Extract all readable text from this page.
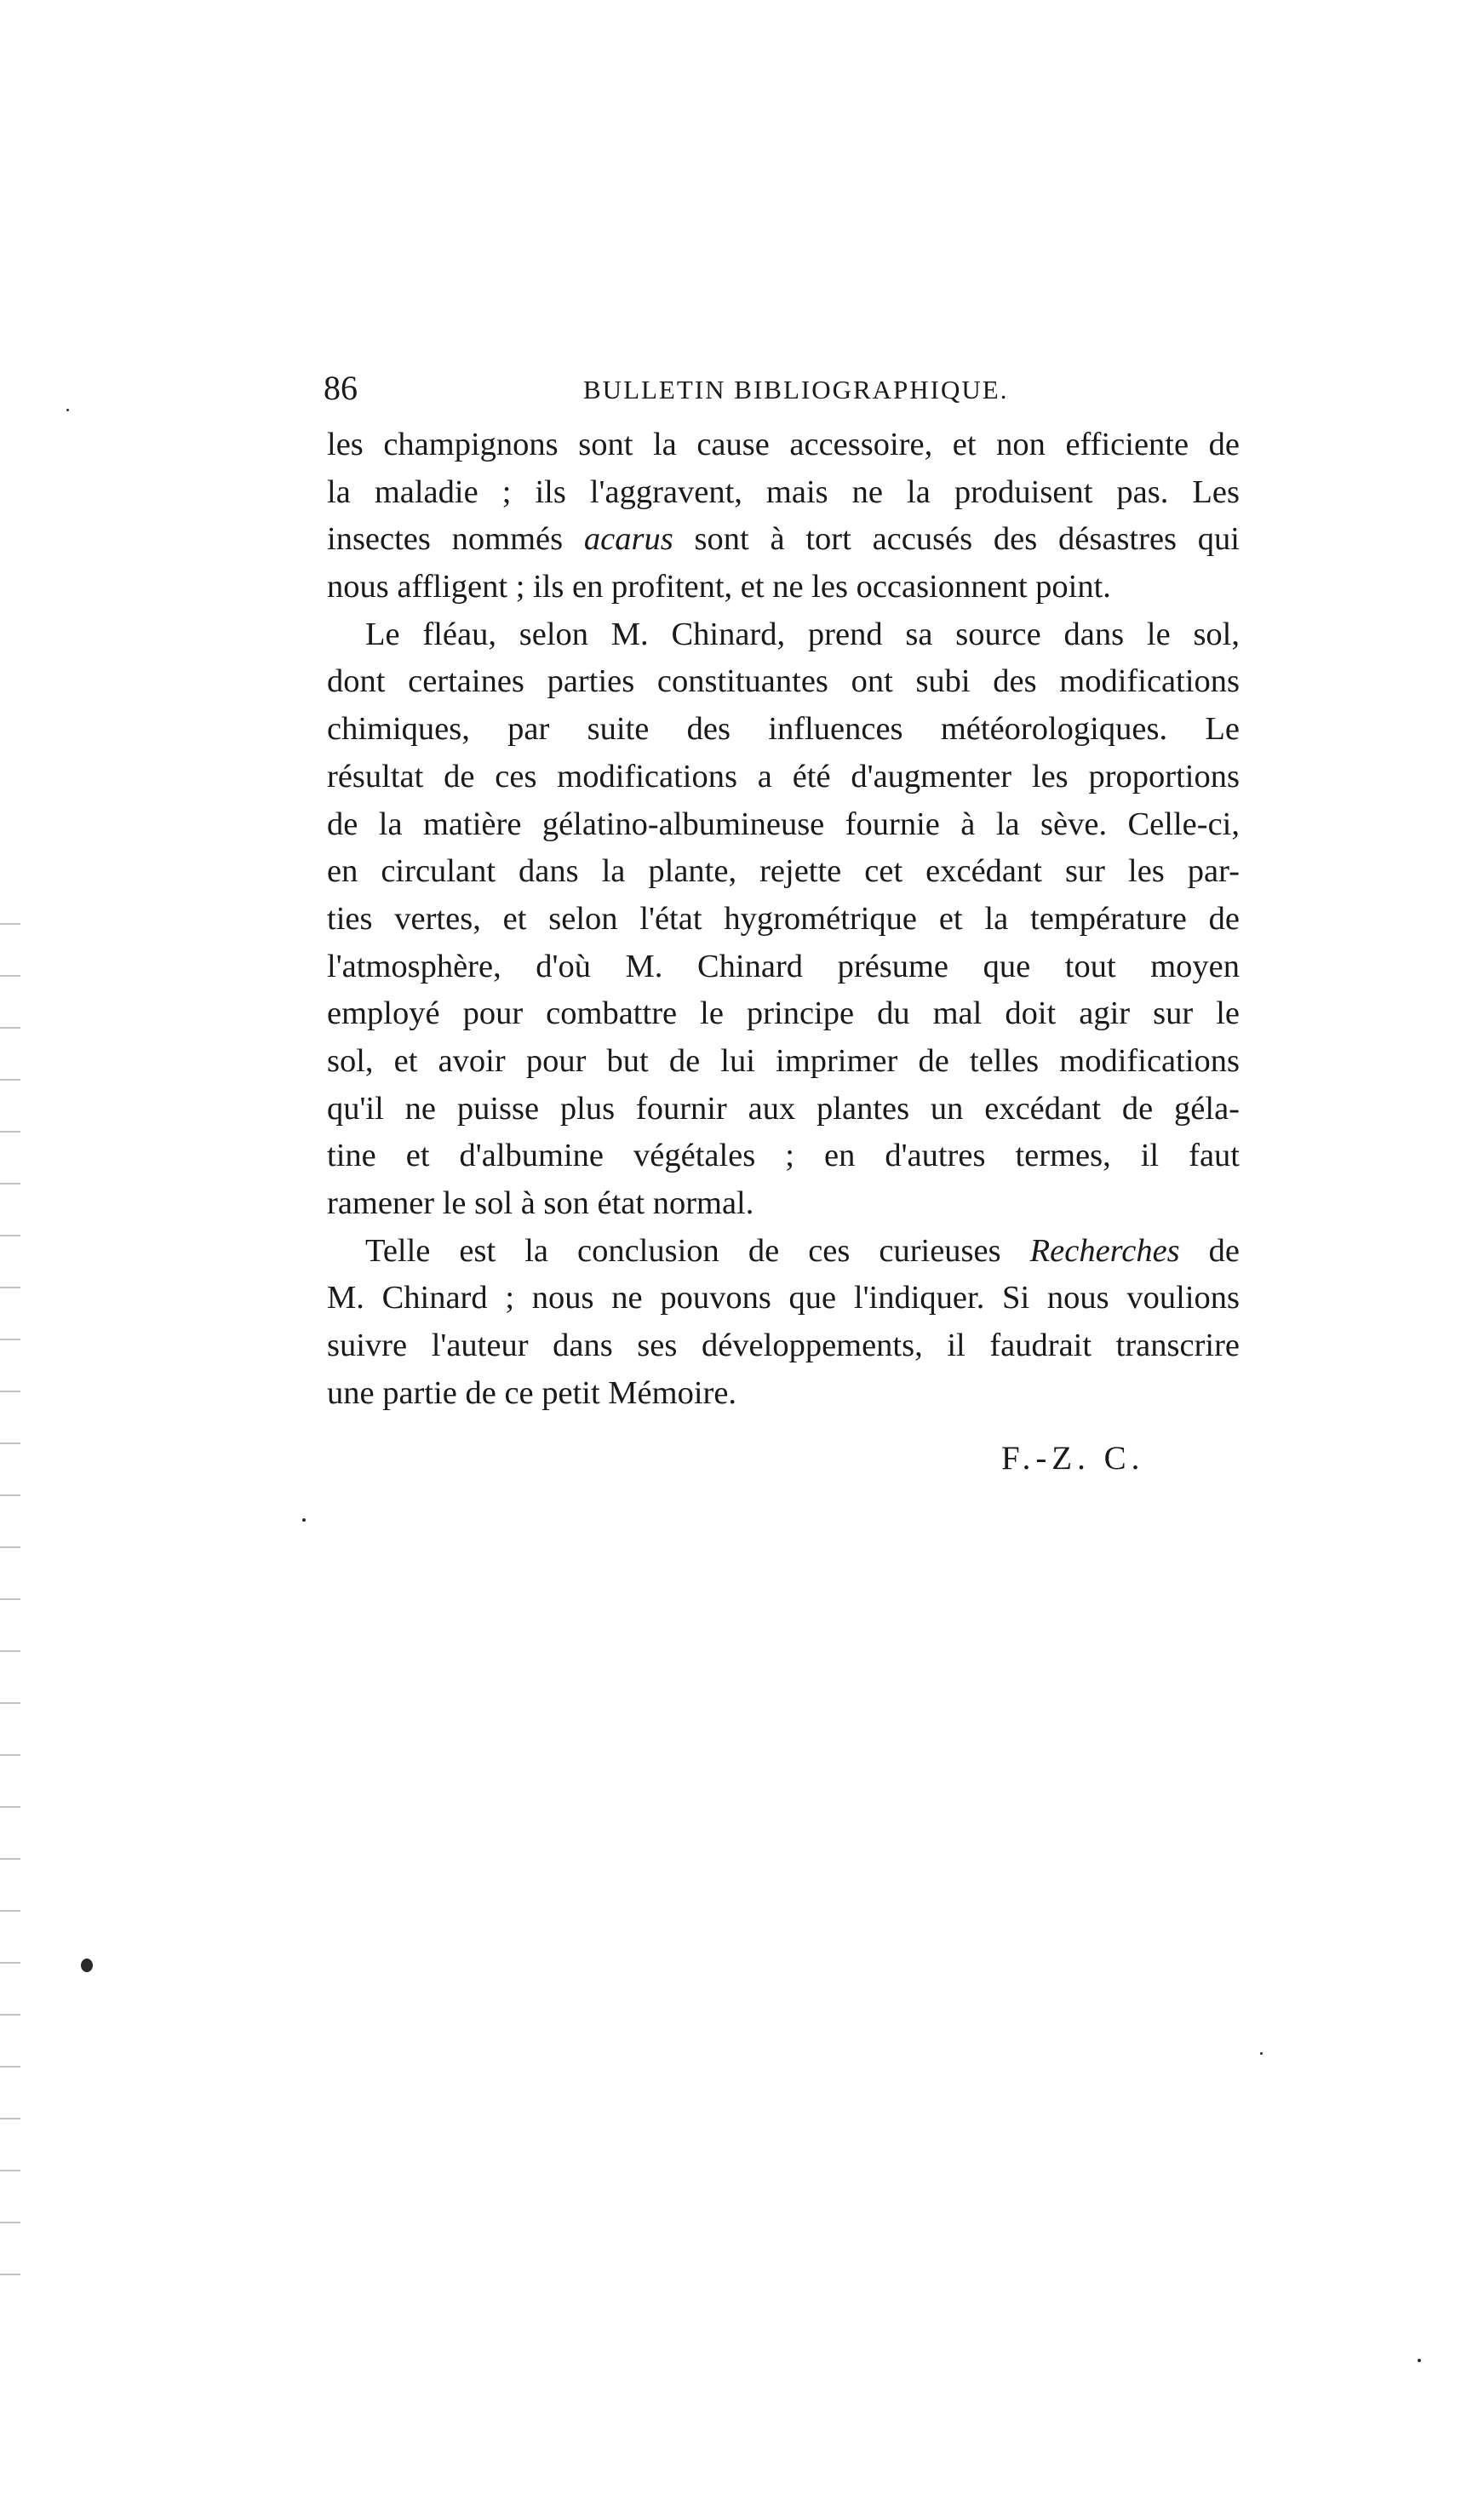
86	BULLETIN BIBLIOGRAPHIQUE.
les champignons sont la cause accessoire, et non efficiente de
la maladie ; ils l'aggravent, mais ne la produisent pas. Les
insectes nommés acarus sont à tort accusés des désastres qui
nous affligent ; ils en profitent, et ne les occasionnent point.
Le fléau, selon M. Chinard, prend sa source dans le sol,
dont certaines parties constituantes ont subi des modifications
chimiques, par suite des influences météorologiques. Le
résultat de ces modifications a été d'augmenter les proportions
de la matière gélatino-albumineuse fournie à la sève. Celle-ci,
en circulant dans la plante, rejette cet excédant sur les par-
ties vertes, et selon l'état hygrométrique et la température de
l'atmosphère, d'où M. Chinard présume que tout moyen
employé pour combattre le principe du mal doit agir sur le
sol, et avoir pour but de lui imprimer de telles modifications
qu'il ne puisse plus fournir aux plantes un excédant de géla-
tine et d'albumine végétales ; en d'autres termes, il faut
ramener le sol à son état normal.
Telle est la conclusion de ces curieuses Recherches de
M. Chinard ; nous ne pouvons que l'indiquer. Si nous voulions
suivre l'auteur dans ses développements, il faudrait transcrire
une partie de ce petit Mémoire.
F.-Z. C.
